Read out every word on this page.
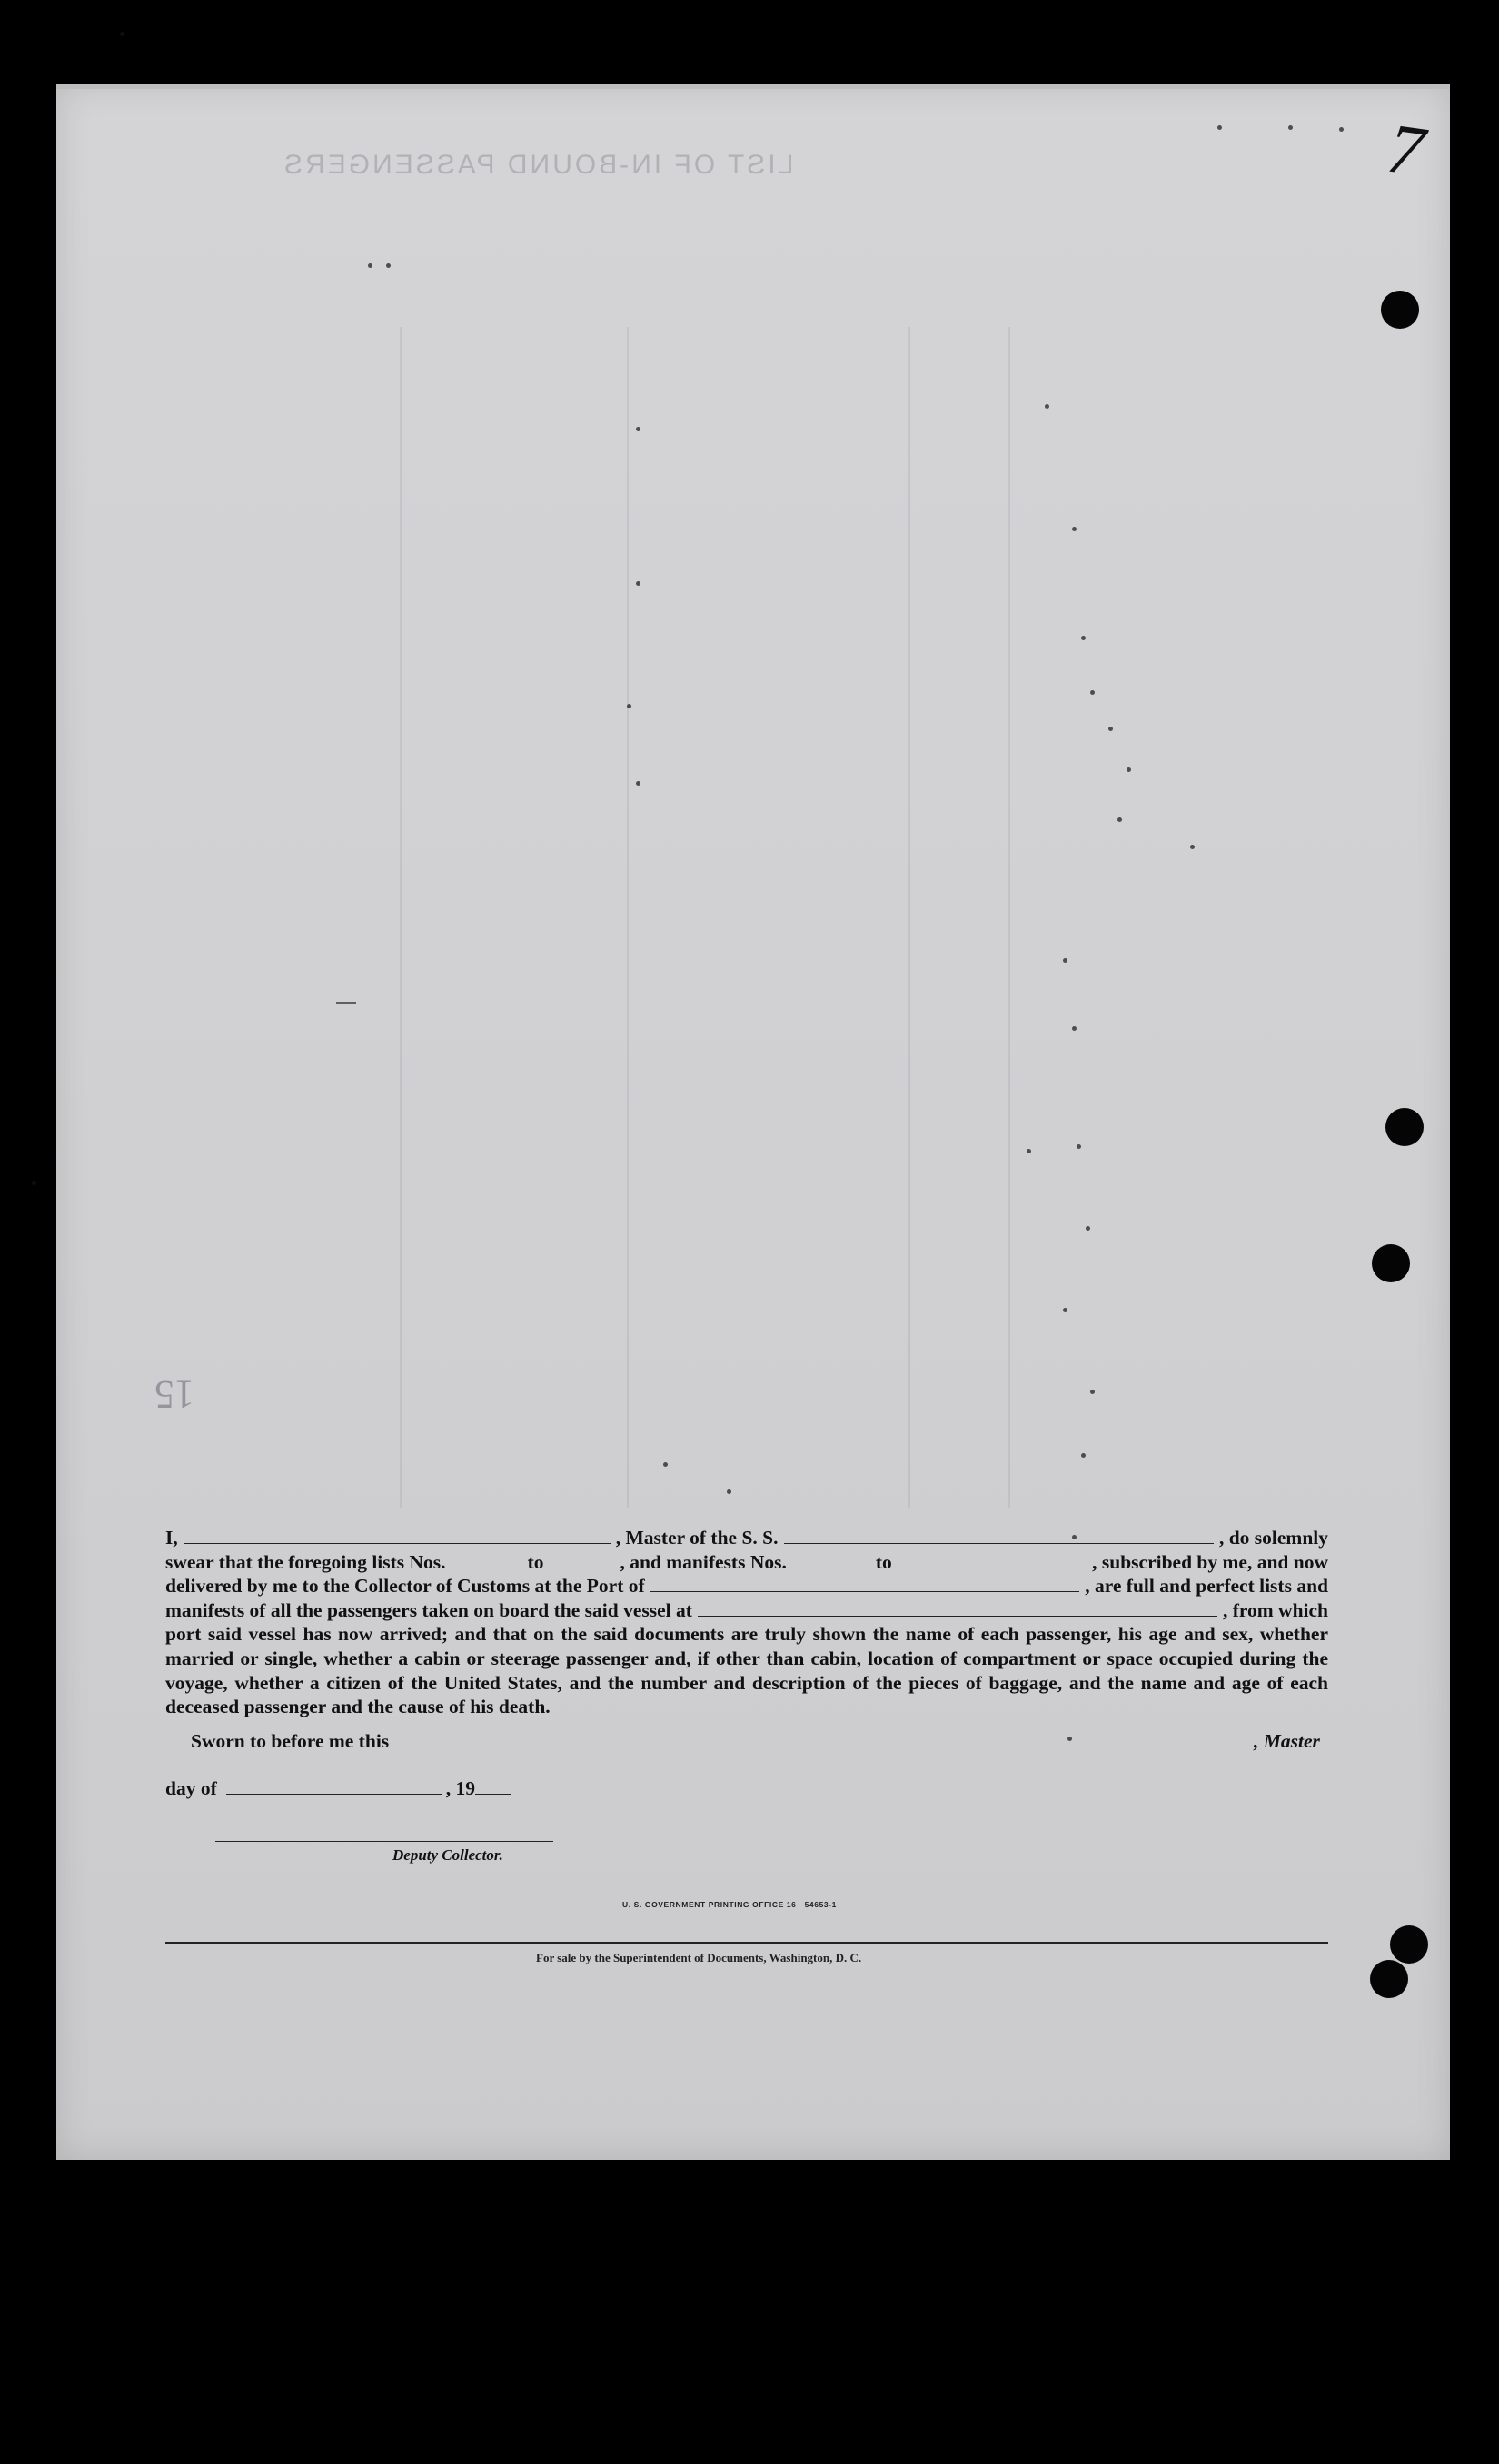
LIST OF IN-BOUND PASSENGERS	7
15
I,	, Master of the S. S.	, do solemnly
swear that the foregoing lists Nos.	to	, and manifests Nos.	to	, subscribed by me, and now
delivered by me to the Collector of Customs at the Port of	, are full and perfect lists and
manifests of all the passengers taken on board the said vessel at	, from which

port said vessel has now arrived; and that on the said documents are truly shown the name of each passenger, his age and sex, whether married or single, whether a cabin or steerage passenger and, if other than cabin, location of compartment or space occupied during the voyage, whether a citizen of the United States, and the number and description of the pieces of baggage, and the name and age of each deceased passenger and the cause of his death.

Sworn to before me this	, Master
day of	, 19
Deputy Collector.
U. S. GOVERNMENT PRINTING OFFICE 16—54653-1
For sale by the Superintendent of Documents, Washington, D. C.
